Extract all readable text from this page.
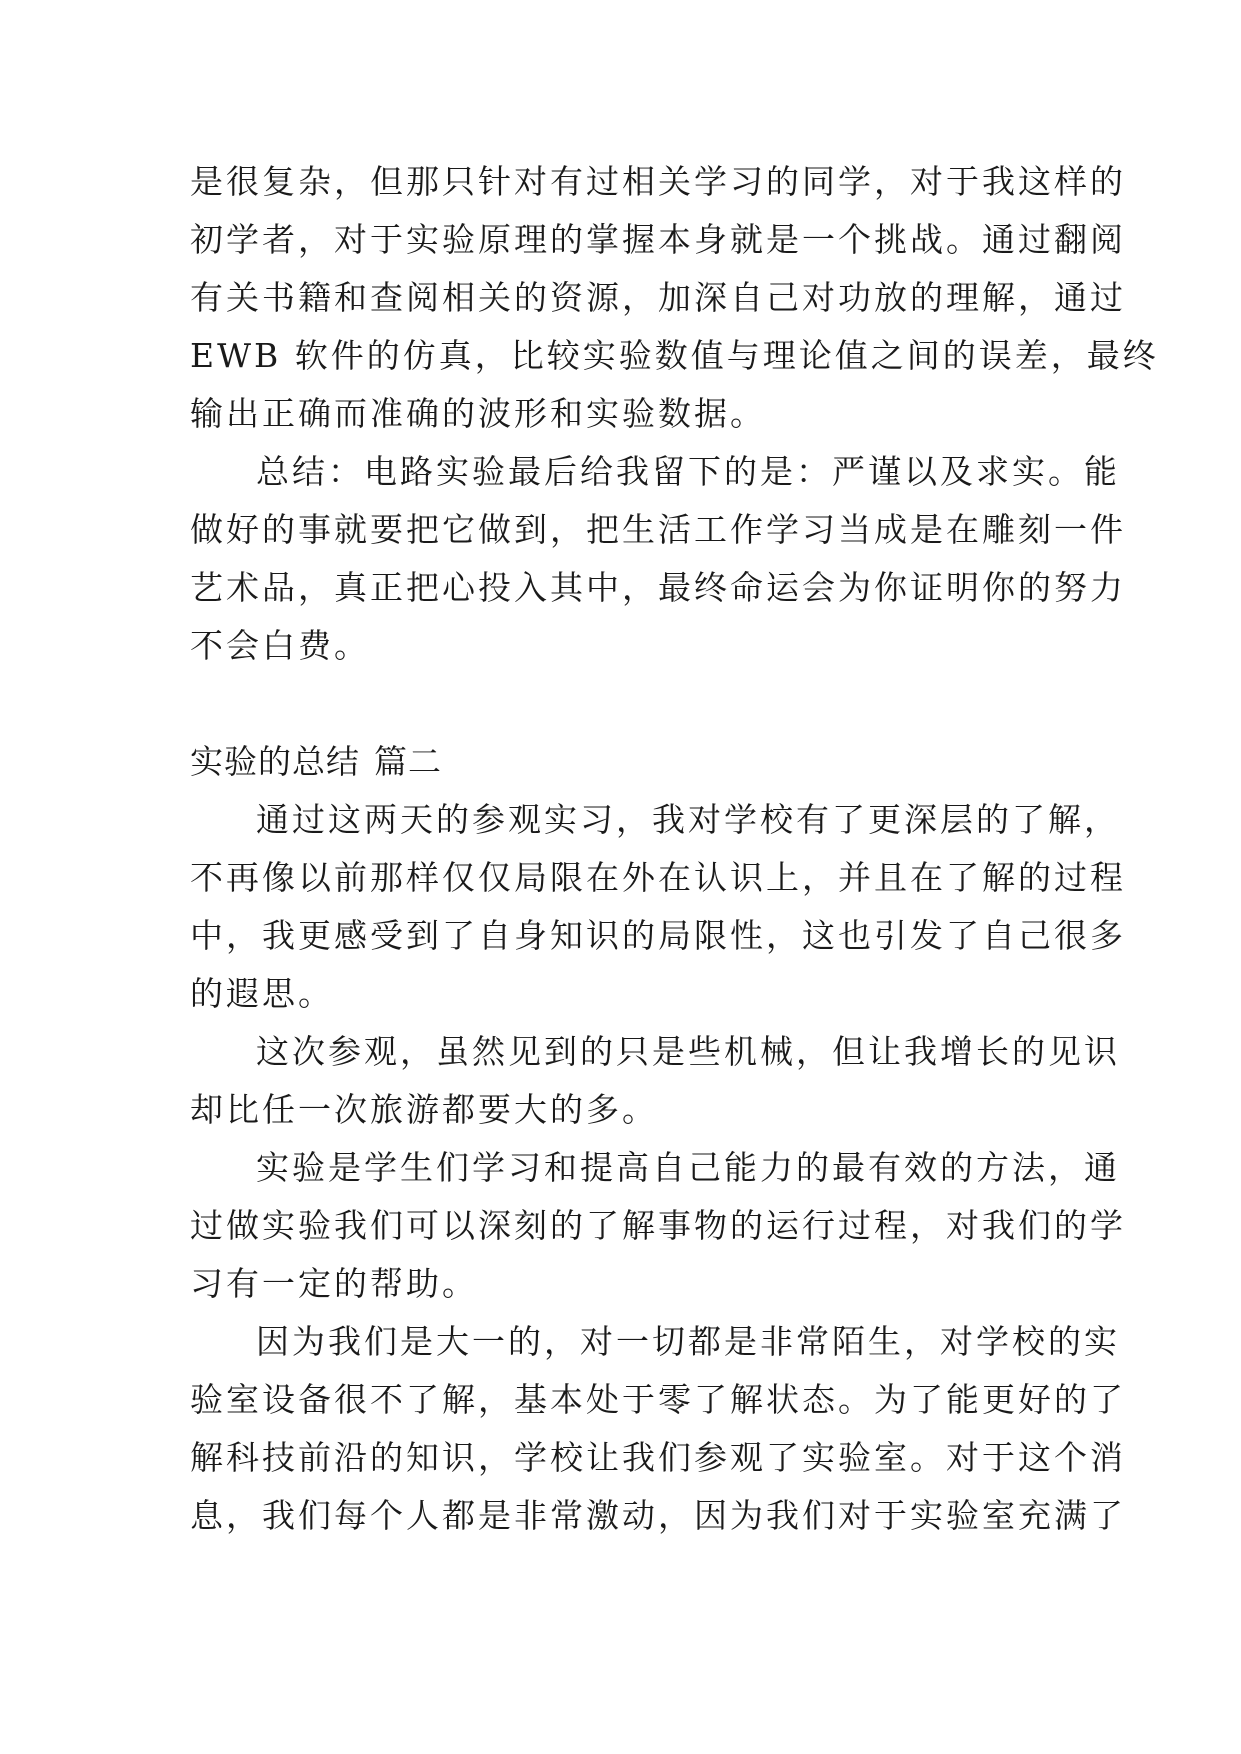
是很复杂，但那只针对有过相关学习的同学，对于我这样的
初学者，对于实验原理的掌握本身就是一个挑战。通过翻阅
有关书籍和查阅相关的资源，加深自己对功放的理解，通过
EWB 软件的仿真，比较实验数值与理论值之间的误差，最终
输出正确而准确的波形和实验数据。
总结：电路实验最后给我留下的是：严谨以及求实。能
做好的事就要把它做到，把生活工作学习当成是在雕刻一件
艺术品，真正把心投入其中，最终命运会为你证明你的努力
不会白费。
实验的总结 篇二
通过这两天的参观实习，我对学校有了更深层的了解，
不再像以前那样仅仅局限在外在认识上，并且在了解的过程
中，我更感受到了自身知识的局限性，这也引发了自己很多
的遐思。
这次参观，虽然见到的只是些机械，但让我增长的见识
却比任一次旅游都要大的多。
实验是学生们学习和提高自己能力的最有效的方法，通
过做实验我们可以深刻的了解事物的运行过程，对我们的学
习有一定的帮助。
因为我们是大一的，对一切都是非常陌生，对学校的实
验室设备很不了解，基本处于零了解状态。为了能更好的了
解科技前沿的知识，学校让我们参观了实验室。对于这个消
息，我们每个人都是非常激动，因为我们对于实验室充满了
